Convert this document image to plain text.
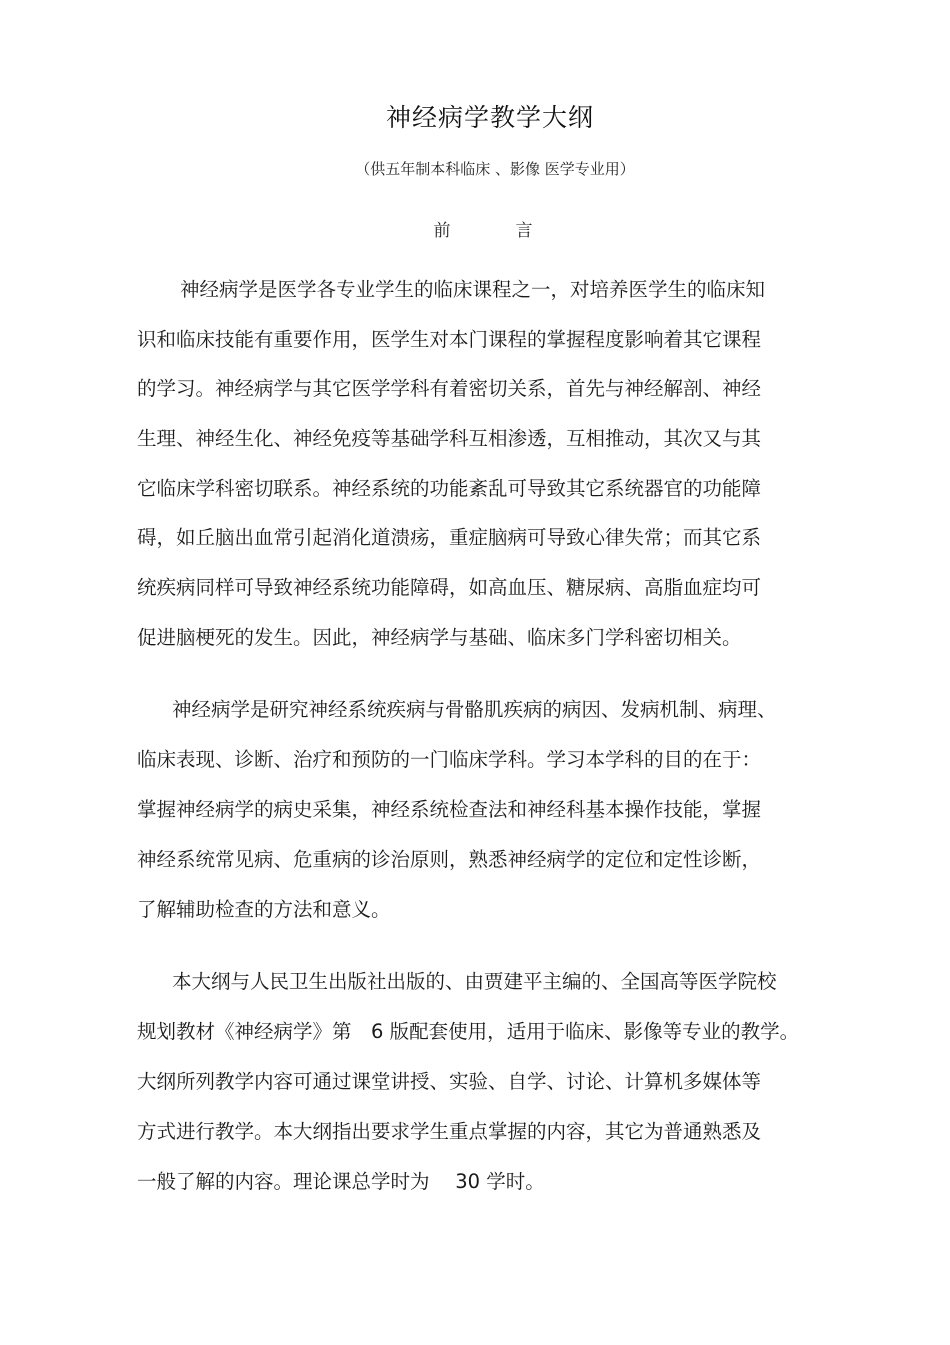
神经病学教学大纲
（供五年制本科临床 、影像 医学专业用）
前　言
神经病学是医学各专业学生的临床课程之一，对培养医学生的临床知
识和临床技能有重要作用，医学生对本门课程的掌握程度影响着其它课程
的学习。神经病学与其它医学学科有着密切关系，首先与神经解剖、神经
生理、神经生化、神经免疫等基础学科互相渗透，互相推动，其次又与其
它临床学科密切联系。神经系统的功能紊乱可导致其它系统器官的功能障
碍，如丘脑出血常引起消化道溃疡，重症脑病可导致心律失常；而其它系
统疾病同样可导致神经系统功能障碍，如高血压、糖尿病、高脂血症均可
促进脑梗死的发生。因此，神经病学与基础、临床多门学科密切相关。
神经病学是研究神经系统疾病与骨骼肌疾病的病因、发病机制、病理、
临床表现、诊断、治疗和预防的一门临床学科。学习本学科的目的在于：
掌握神经病学的病史采集，神经系统检查法和神经科基本操作技能，掌握
神经系统常见病、危重病的诊治原则，熟悉神经病学的定位和定性诊断，
了解辅助检查的方法和意义。
本大纲与人民卫生出版社出版的、由贾建平主编的、全国高等医学院校
规划教材《神经病学》第　6 版配套使用，适用于临床、影像等专业的教学。
大纲所列教学内容可通过课堂讲授、实验、自学、讨论、计算机多媒体等
方式进行教学。本大纲指出要求学生重点掌握的内容，其它为普通熟悉及
一般了解的内容。理论课总学时为　 30 学时。
